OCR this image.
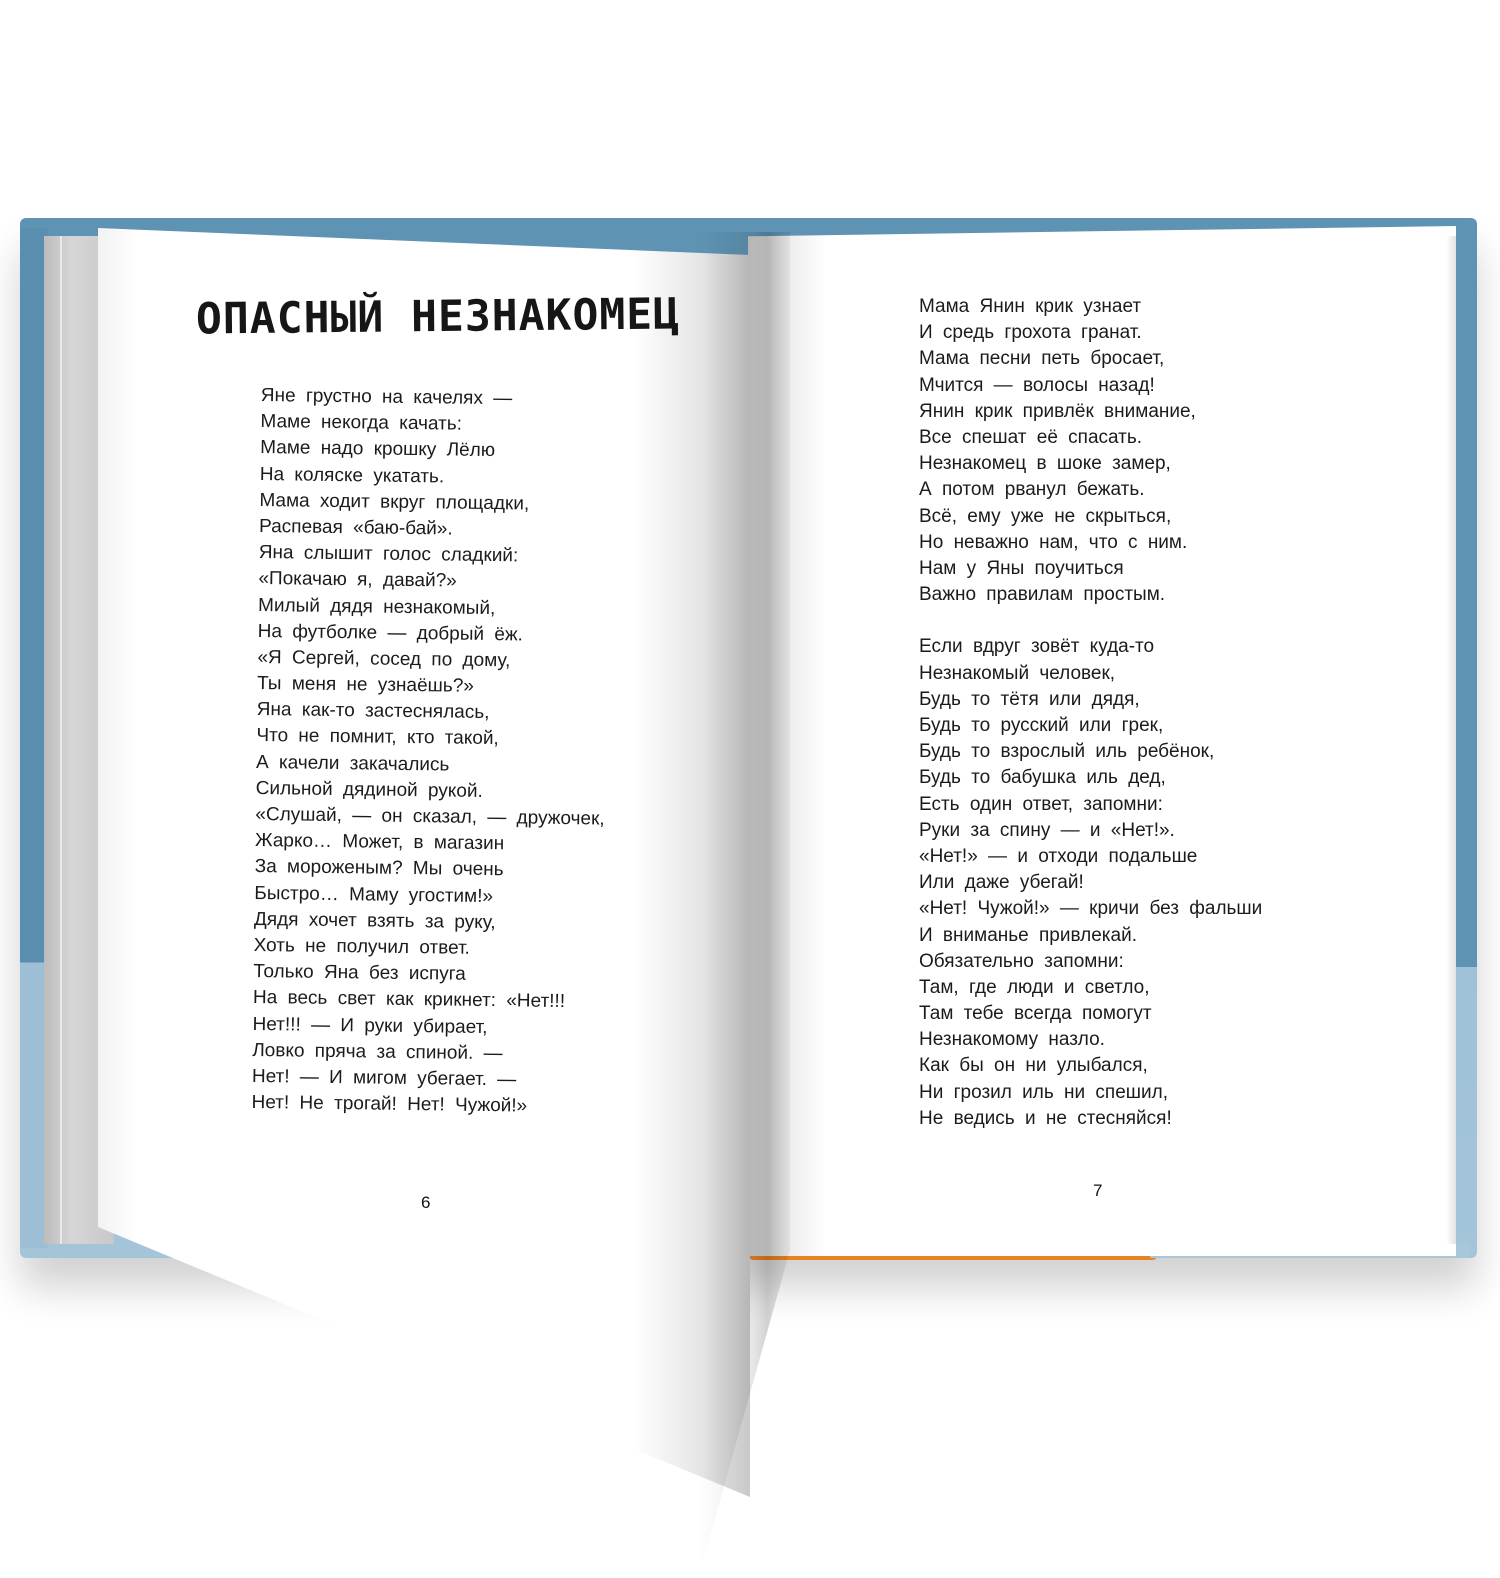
ОПАСНЫЙ НЕЗНАКОМЕЦ
Яне грустно на качелях —
Маме некогда качать:
Маме надо крошку Лёлю
На коляске укатать.
Мама ходит вкруг площадки,
Распевая «баю-бай».
Яна слышит голос сладкий:
«Покачаю я, давай?»
Милый дядя незнакомый,
На футболке — добрый ёж.
«Я Сергей, сосед по дому,
Ты меня не узнаёшь?»
Яна как-то застеснялась,
Что не помнит, кто такой,
А качели закачались
Сильной дядиной рукой.
«Слушай, — он сказал, — дружочек,
Жарко… Может, в магазин
За мороженым? Мы очень
Быстро… Маму угостим!»
Дядя хочет взять за руку,
Хоть не получил ответ.
Только Яна без испуга
На весь свет как крикнет: «Нет!!!
Нет!!! — И руки убирает,
Ловко пряча за спиной. —
Нет! — И мигом убегает. —
Нет! Не трогай! Нет! Чужой!»
Мама Янин крик узнает
И средь грохота гранат.
Мама песни петь бросает,
Мчится — волосы назад!
Янин крик привлёк внимание,
Все спешат её спасать.
Незнакомец в шоке замер,
А потом рванул бежать.
Всё, ему уже не скрыться,
Но неважно нам, что с ним.
Нам у Яны поучиться
Важно правилам простым.
Если вдруг зовёт куда-то
Незнакомый человек,
Будь то тётя или дядя,
Будь то русский или грек,
Будь то взрослый иль ребёнок,
Будь то бабушка иль дед,
Есть один ответ, запомни:
Руки за спину — и «Нет!».
«Нет!» — и отходи подальше
Или даже убегай!
«Нет! Чужой!» — кричи без фальши
И вниманье привлекай.
Обязательно запомни:
Там, где люди и светло,
Там тебе всегда помогут
Незнакомому назло.
Как бы он ни улыбался,
Ни грозил иль ни спешил,
Не ведись и не стесняйся!
6
7
